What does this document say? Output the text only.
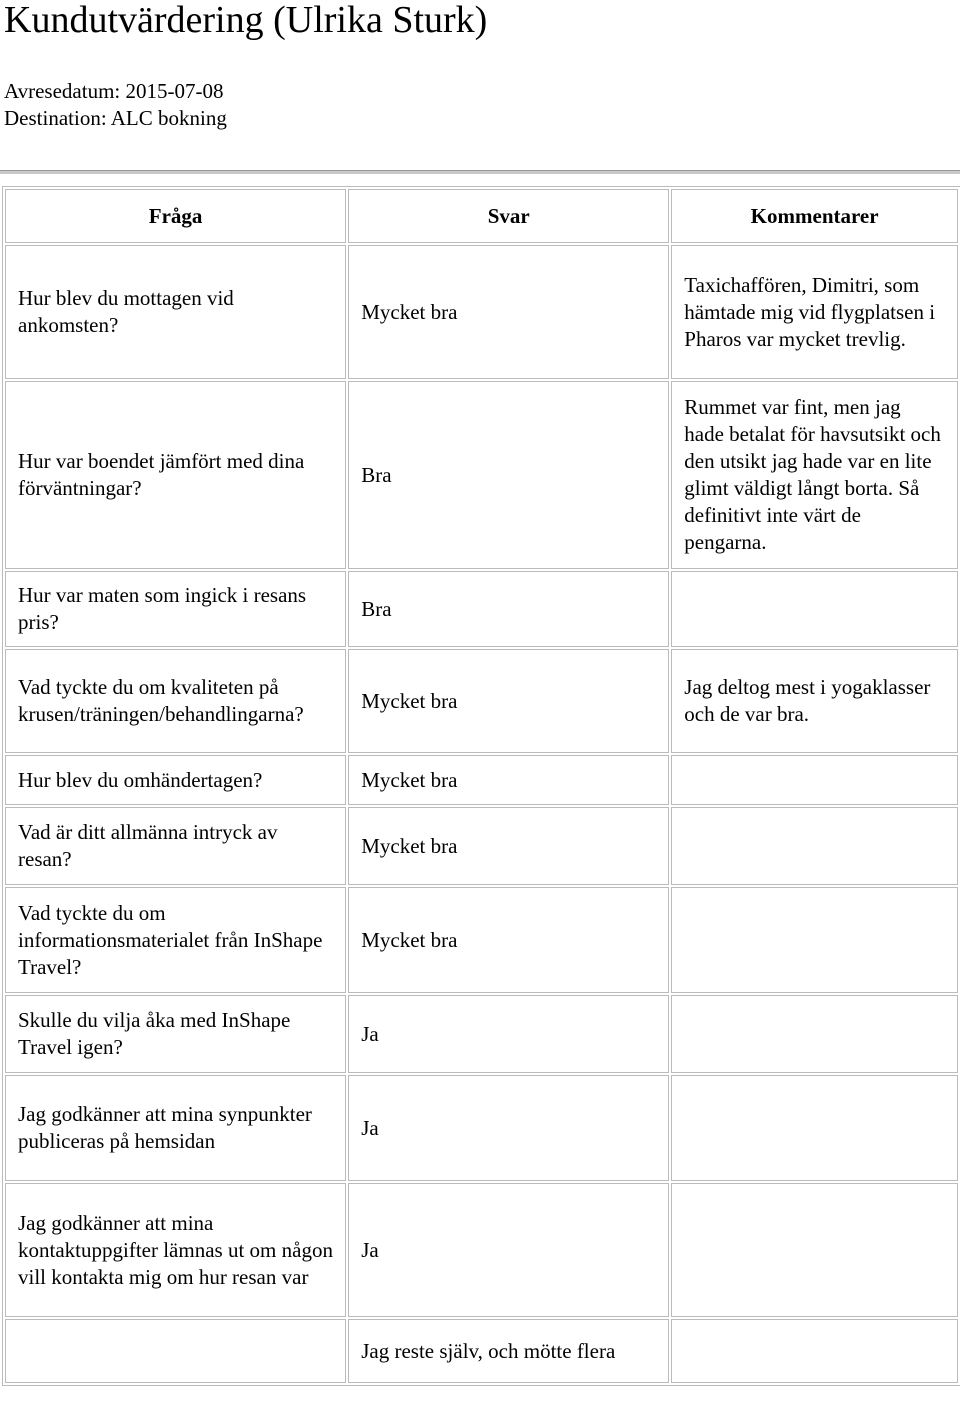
Kundutvärdering (Ulrika Sturk)
Avresedatum: 2015-07-08
Destination: ALC bokning
Fråga	Svar	Kommentarer
Hur blev du mottagen vid ankomsten?	Mycket bra	Taxichaffören, Dimitri, som hämtade mig vid flygplatsen i Pharos var mycket trevlig.
Hur var boendet jämfört med dina förväntningar?	Bra	Rummet var fint, men jag hade betalat för havsutsikt och den utsikt jag hade var en lite glimt väldigt långt borta. Så definitivt inte värt de pengarna.
Hur var maten som ingick i resans pris?	Bra	
Vad tyckte du om kvaliteten på krusen/träningen/behandlingarna?	Mycket bra	Jag deltog mest i yogaklasser och de var bra.
Hur blev du omhändertagen?	Mycket bra	
Vad är ditt allmänna intryck av resan?	Mycket bra	
Vad tyckte du om informationsmaterialet från InShape Travel?	Mycket bra	
Skulle du vilja åka med InShape Travel igen?	Ja	
Jag godkänner att mina synpunkter publiceras på hemsidan	Ja	
Jag godkänner att mina kontaktuppgifter lämnas ut om någon vill kontakta mig om hur resan var	Ja	
	Jag reste själv, och mötte flera	
